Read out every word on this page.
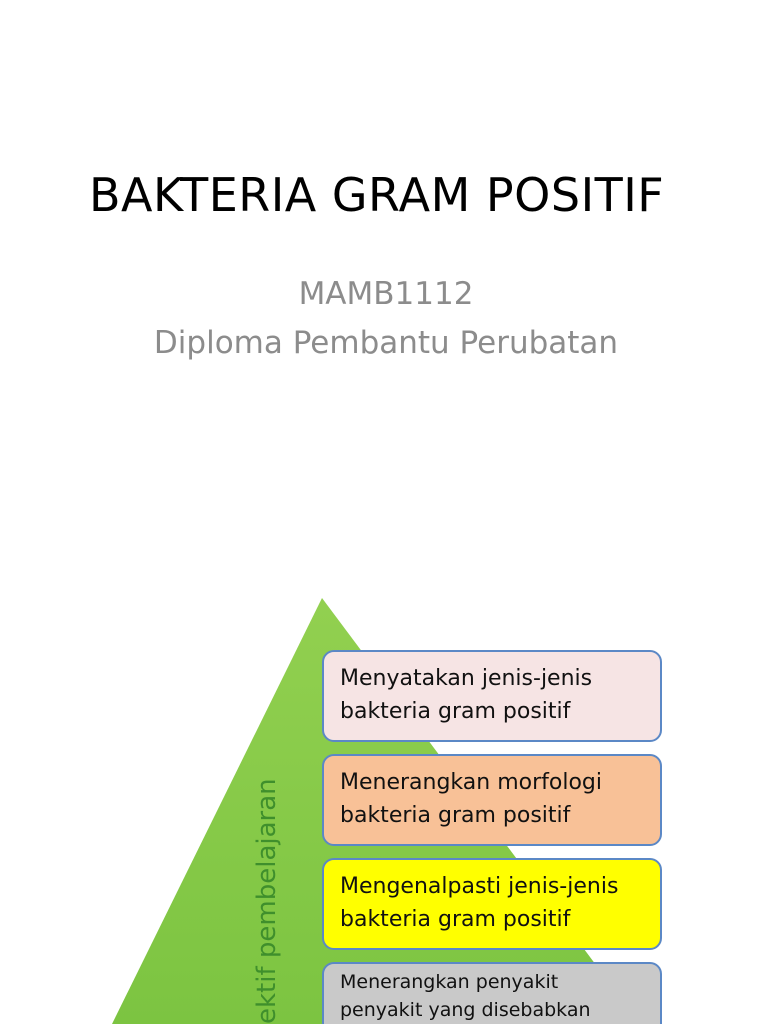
BAKTERIA GRAM POSITIF
MAMB1112
Diploma Pembantu Perubatan
ektif pembelajaran
Menyatakan jenis-jenis
bakteria gram positif
Menerangkan morfologi
bakteria gram positif
Mengenalpasti jenis-jenis
bakteria gram positif
Menerangkan penyakit
penyakit yang disebabkan
